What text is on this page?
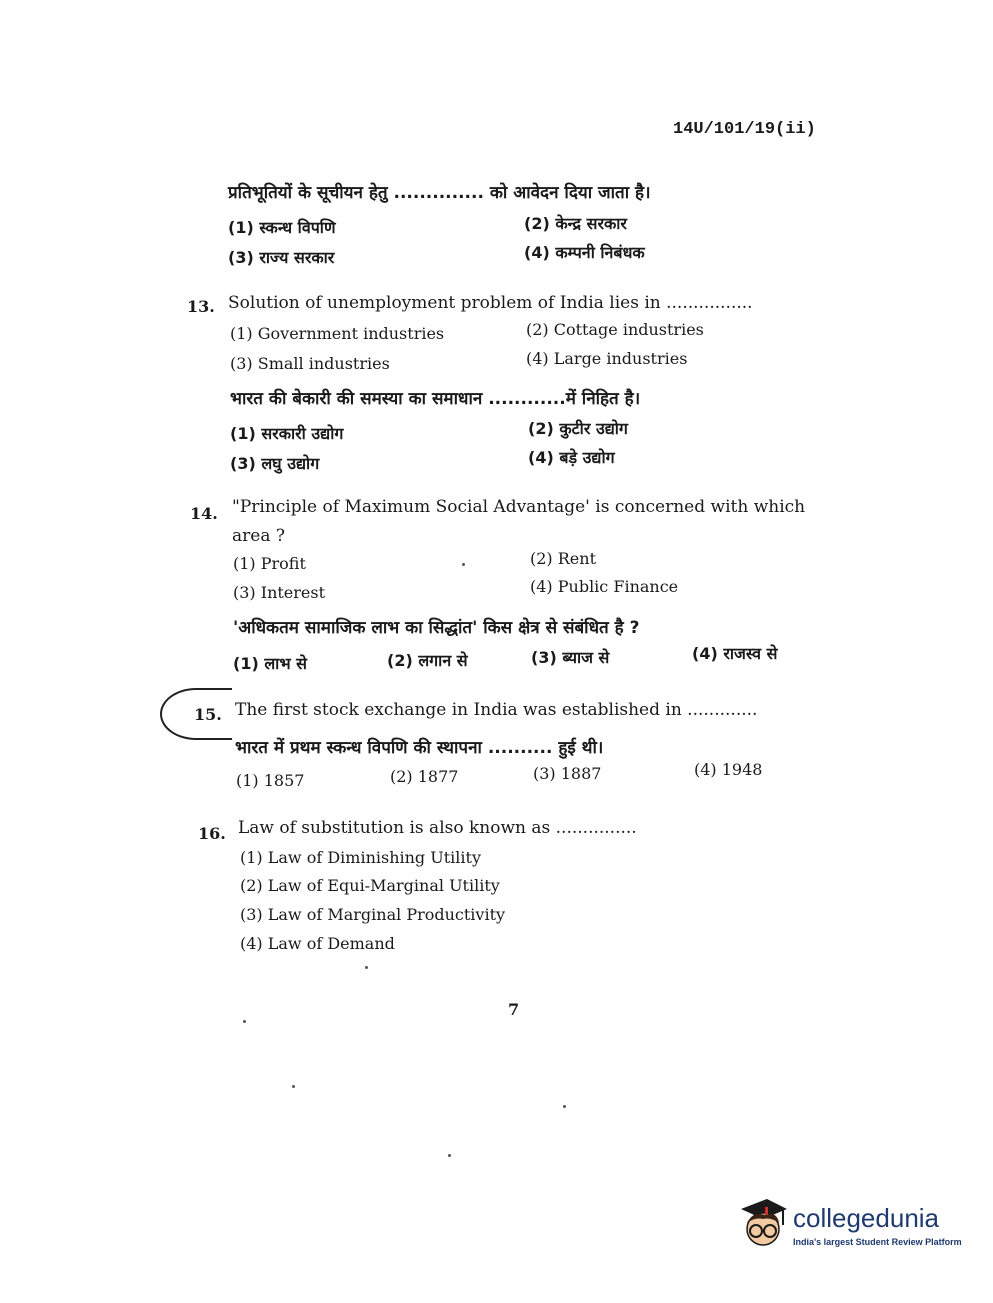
14U/101/19(ii)
प्रतिभूतियों के सूचीयन हेतु .............. को आवेदन दिया जाता है।
(1) स्कन्ध विपणि	(2) केन्द्र सरकार
(3) राज्य सरकार	(4) कम्पनी निबंधक
13. Solution of unemployment problem of India lies in ................
(1) Government industries	(2) Cottage industries
(3) Small industries	(4) Large industries
भारत की बेकारी की समस्या का समाधान ............में निहित है।
(1) सरकारी उद्योग	(2) कुटीर उद्योग
(3) लघु उद्योग	(4) बड़े उद्योग
14. "Principle of Maximum Social Advantage' is concerned with which
area ?
(1) Profit	(2) Rent
(3) Interest	(4) Public Finance
'अधिकतम सामाजिक लाभ का सिद्धांत' किस क्षेत्र से संबंधित है ?
(1) लाभ से	(2) लगान से	(3) ब्याज से	(4) राजस्व से
15. The first stock exchange in India was established in .............
भारत में प्रथम स्कन्ध विपणि की स्थापना .......... हुई थी।
(1) 1857	(2) 1877	(3) 1887	(4) 1948
16. Law of substitution is also known as ...............
(1) Law of Diminishing Utility
(2) Law of Equi-Marginal Utility
(3) Law of Marginal Productivity
(4) Law of Demand
7
collegedunia
India's largest Student Review Platform
